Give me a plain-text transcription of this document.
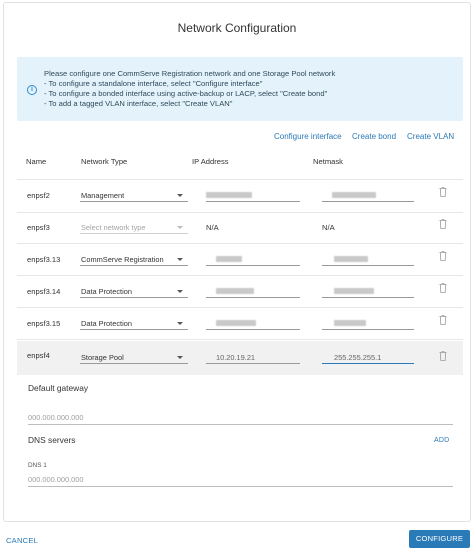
Network Configuration
i
Please configure one CommServe Registration network and one Storage Pool network
- To configure a standalone interface, select "Configure interface"
- To configure a bonded interface using active-backup or LACP, select "Create bond"
- To add a tagged VLAN interface, select "Create VLAN"
Configure interface Create bond Create VLAN
Name	Network Type	IP Address	Netmask
enpsf2	Management
enpsf3	Select network type	N/A	N/A
enpsf3.13	CommServe Registration
enpsf3.14	Data Protection
enpsf3.15	Data Protection
enpsf4	Storage Pool	10.20.19.21	255.255.255.1
Default gateway
000.000.000.000
DNS servers	ADD
DNS 1
000.000.000.000
CANCEL	CONFIGURE
